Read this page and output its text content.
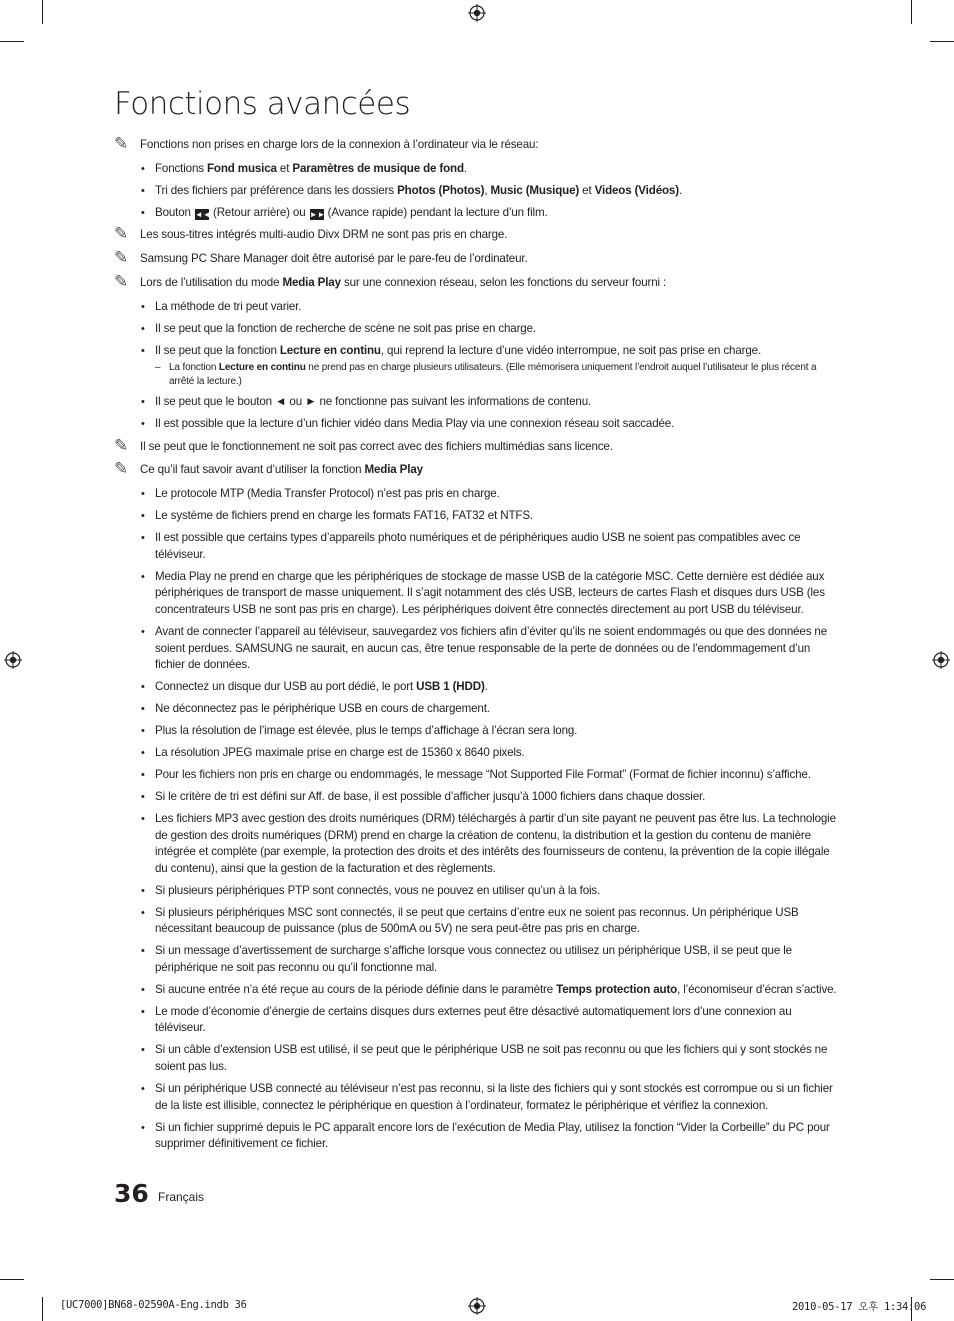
Fonctions avancées
✎ Fonctions non prises en charge lors de la connexion à l’ordinateur via le réseau:
• Fonctions Fond musica et Paramètres de musique de fond.
• Tri des fichiers par préférence dans les dossiers Photos (Photos), Music (Musique) et Videos (Vidéos).
• Bouton ◄◄ (Retour arrière) ou ►► (Avance rapide) pendant la lecture d’un film.
✎ Les sous-titres intégrés multi-audio Divx DRM ne sont pas pris en charge.
✎ Samsung PC Share Manager doit être autorisé par le pare-feu de l’ordinateur.
✎ Lors de l’utilisation du mode Media Play sur une connexion réseau, selon les fonctions du serveur fourni :
• La méthode de tri peut varier.
• Il se peut que la fonction de recherche de scène ne soit pas prise en charge.
• Il se peut que la fonction Lecture en continu, qui reprend la lecture d’une vidéo interrompue, ne soit pas prise en charge.
– La fonction Lecture en continu ne prend pas en charge plusieurs utilisateurs. (Elle mémorisera uniquement l’endroit auquel l’utilisateur le plus récent a arrêté la lecture.)
• Il se peut que le bouton ◄ ou ► ne fonctionne pas suivant les informations de contenu.
• Il est possible que la lecture d’un fichier vidéo dans Media Play via une connexion réseau soit saccadée.
✎ Il se peut que le fonctionnement ne soit pas correct avec des fichiers multimédias sans licence.
✎ Ce qu’il faut savoir avant d’utiliser la fonction Media Play
• Le protocole MTP (Media Transfer Protocol) n’est pas pris en charge.
• Le système de fichiers prend en charge les formats FAT16, FAT32 et NTFS.
• Il est possible que certains types d’appareils photo numériques et de périphériques audio USB ne soient pas compatibles avec ce téléviseur.
• Media Play ne prend en charge que les périphériques de stockage de masse USB de la catégorie MSC. Cette dernière est dédiée aux périphériques de transport de masse uniquement. Il s’agit notamment des clés USB, lecteurs de cartes Flash et disques durs USB (les concentrateurs USB ne sont pas pris en charge). Les périphériques doivent être connectés directement au port USB du téléviseur.
• Avant de connecter l’appareil au téléviseur, sauvegardez vos fichiers afin d’éviter qu’ils ne soient endommagés ou que des données ne soient perdues. SAMSUNG ne saurait, en aucun cas, être tenue responsable de la perte de données ou de l’endommagement d’un fichier de données.
• Connectez un disque dur USB au port dédié, le port USB 1 (HDD).
• Ne déconnectez pas le périphérique USB en cours de chargement.
• Plus la résolution de l’image est élevée, plus le temps d’affichage à l’écran sera long.
• La résolution JPEG maximale prise en charge est de 15360 x 8640 pixels.
• Pour les fichiers non pris en charge ou endommagés, le message “Not Supported File Format” (Format de fichier inconnu) s’affiche.
• Si le critère de tri est défini sur Aff. de base, il est possible d’afficher jusqu’à 1000 fichiers dans chaque dossier.
• Les fichiers MP3 avec gestion des droits numériques (DRM) téléchargés à partir d’un site payant ne peuvent pas être lus. La technologie de gestion des droits numériques (DRM) prend en charge la création de contenu, la distribution et la gestion du contenu de manière intégrée et complète (par exemple, la protection des droits et des intérêts des fournisseurs de contenu, la prévention de la copie illégale du contenu), ainsi que la gestion de la facturation et des règlements.
• Si plusieurs périphériques PTP sont connectés, vous ne pouvez en utiliser qu’un à la fois.
• Si plusieurs périphériques MSC sont connectés, il se peut que certains d’entre eux ne soient pas reconnus. Un périphérique USB nécessitant beaucoup de puissance (plus de 500mA ou 5V) ne sera peut-être pas pris en charge.
• Si un message d’avertissement de surcharge s’affiche lorsque vous connectez ou utilisez un périphérique USB, il se peut que le périphérique ne soit pas reconnu ou qu’il fonctionne mal.
• Si aucune entrée n’a été reçue au cours de la période définie dans le paramètre Temps protection auto, l’économiseur d’écran s’active.
• Le mode d’économie d’énergie de certains disques durs externes peut être désactivé automatiquement lors d’une connexion au téléviseur.
• Si un câble d’extension USB est utilisé, il se peut que le périphérique USB ne soit pas reconnu ou que les fichiers qui y sont stockés ne soient pas lus.
• Si un périphérique USB connecté au téléviseur n’est pas reconnu, si la liste des fichiers qui y sont stockés est corrompue ou si un fichier de la liste est illisible, connectez le périphérique en question à l’ordinateur, formatez le périphérique et vérifiez la connexion.
• Si un fichier supprimé depuis le PC apparaît encore lors de l’exécution de Media Play, utilisez la fonction “Vider la Corbeille” du PC pour supprimer définitivement ce fichier.
36 Français
[UC7000]BN68-02590A-Eng.indb 36	2010-05-17 오후 1:34:06
